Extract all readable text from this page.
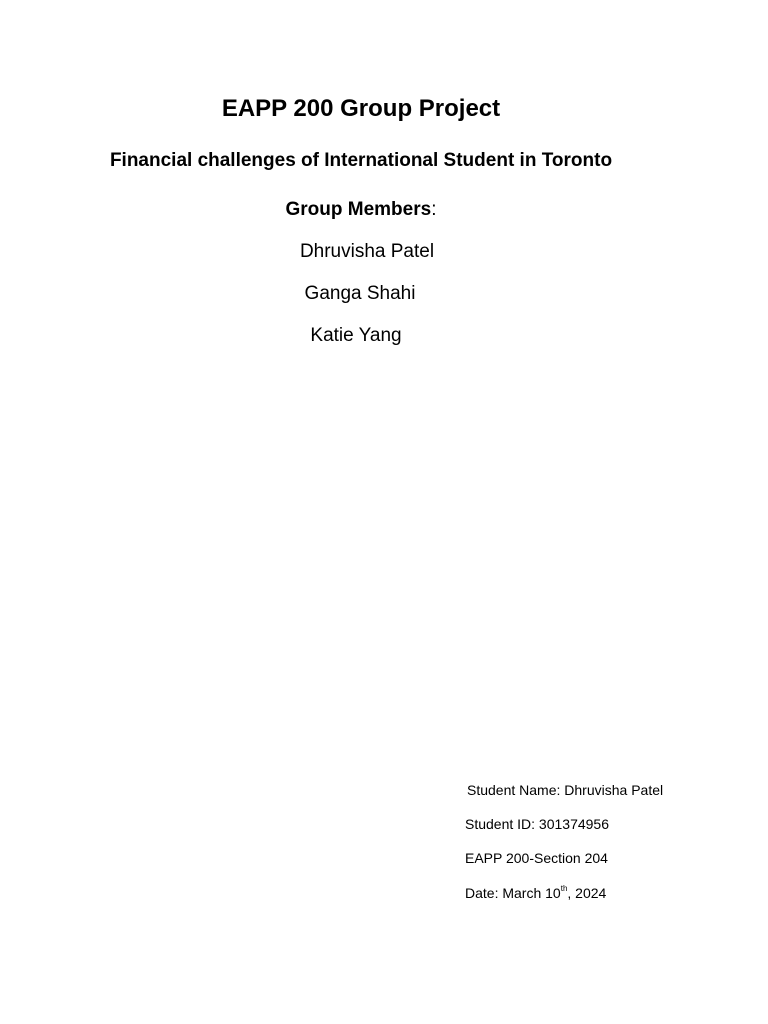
EAPP 200 Group Project
Financial challenges of International Student in Toronto
Group Members:
Dhruvisha Patel
Ganga Shahi
Katie Yang
Student Name: Dhruvisha Patel
Student ID: 301374956
EAPP 200-Section 204
Date: March 10th, 2024
